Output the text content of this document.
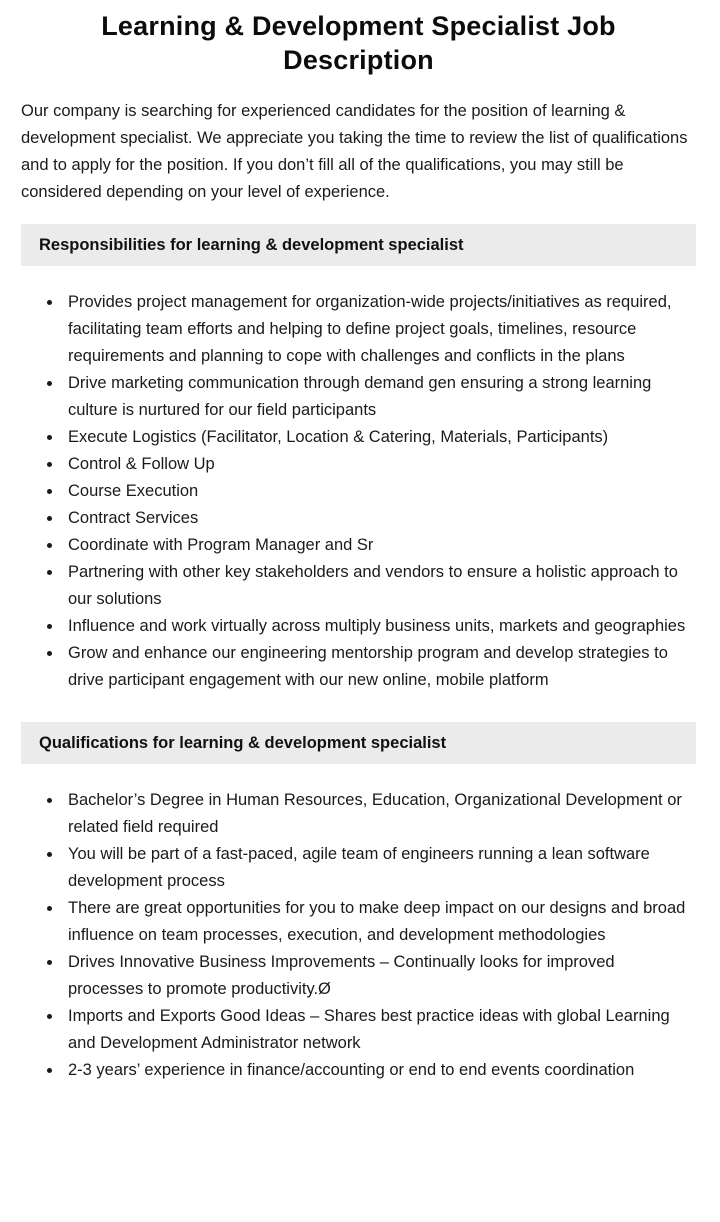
Learning & Development Specialist Job Description

Our company is searching for experienced candidates for the position of learning & development specialist. We appreciate you taking the time to review the list of qualifications and to apply for the position. If you don’t fill all of the qualifications, you may still be considered depending on your level of experience.

Responsibilities for learning & development specialist
• Provides project management for organization-wide projects/initiatives as required, facilitating team efforts and helping to define project goals, timelines, resource requirements and planning to cope with challenges and conflicts in the plans
• Drive marketing communication through demand gen ensuring a strong learning culture is nurtured for our field participants
• Execute Logistics (Facilitator, Location & Catering, Materials, Participants)
• Control & Follow Up
• Course Execution
• Contract Services
• Coordinate with Program Manager and Sr
• Partnering with other key stakeholders and vendors to ensure a holistic approach to our solutions
• Influence and work virtually across multiply business units, markets and geographies
• Grow and enhance our engineering mentorship program and develop strategies to drive participant engagement with our new online, mobile platform
Qualifications for learning & development specialist
• Bachelor’s Degree in Human Resources, Education, Organizational Development or related field required
• You will be part of a fast-paced, agile team of engineers running a lean software development process
• There are great opportunities for you to make deep impact on our designs and broad influence on team processes, execution, and development methodologies
• Drives Innovative Business Improvements – Continually looks for improved processes to promote productivity.Ø
• Imports and Exports Good Ideas – Shares best practice ideas with global Learning and Development Administrator network
• 2-3 years’ experience in finance/accounting or end to end events coordination
